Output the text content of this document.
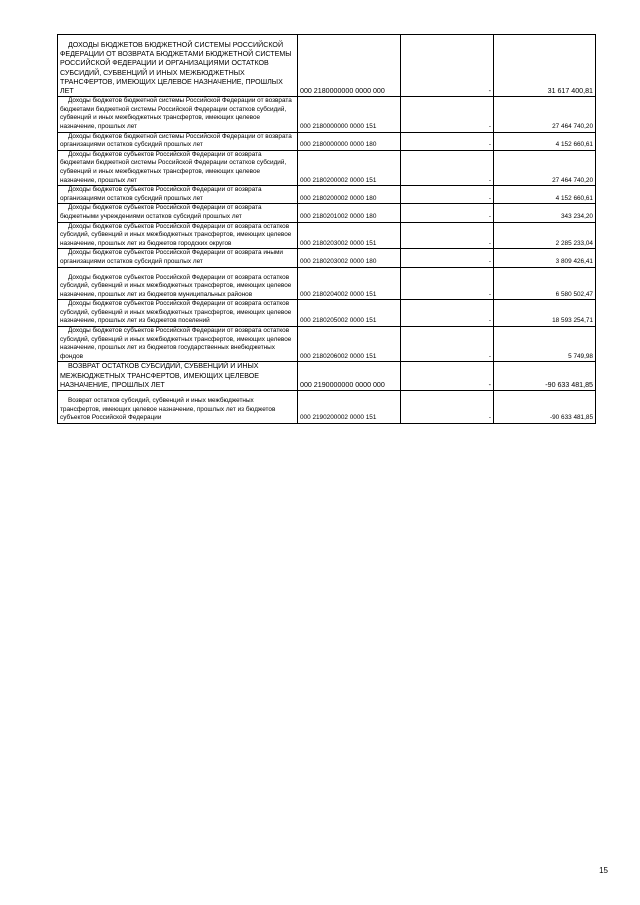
ДОХОДЫ БЮДЖЕТОВ БЮДЖЕТНОЙ СИСТЕМЫ РОССИЙСКОЙ ФЕДЕРАЦИИ ОТ ВОЗВРАТА БЮДЖЕТАМИ БЮДЖЕТНОЙ СИСТЕМЫ РОССИЙСКОЙ ФЕДЕРАЦИИ И ОРГАНИЗАЦИЯМИ ОСТАТКОВ СУБСИДИЙ, СУБВЕНЦИЙ И ИНЫХ МЕЖБЮДЖЕТНЫХ ТРАНСФЕРТОВ, ИМЕЮЩИХ ЦЕЛЕВОЕ НАЗНАЧЕНИЕ, ПРОШЛЫХ ЛЕТ	000 2180000000 0000 000	-	31 617 400,81
Доходы бюджетов бюджетной системы Российской Федерации от возврата бюджетами бюджетной системы Российской Федерации остатков субсидий, субвенций и иных межбюджетных трансфертов, имеющих целевое назначение, прошлых лет	000 2180000000 0000 151	-	27 464 740,20
Доходы бюджетов бюджетной системы Российской Федерации от возврата организациями остатков субсидий прошлых лет	000 2180000000 0000 180	-	4 152 660,61
Доходы бюджетов субъектов Российской Федерации от возврата бюджетами бюджетной системы Российской Федерации остатков субсидий, субвенций и иных межбюджетных трансфертов, имеющих целевое назначение, прошлых лет	000 2180200002 0000 151	-	27 464 740,20
Доходы бюджетов субъектов Российской Федерации от возврата организациями остатков субсидий прошлых лет	000 2180200002 0000 180	-	4 152 660,61
Доходы бюджетов субъектов Российской Федерации от возврата бюджетными учреждениями остатков субсидий прошлых лет	000 2180201002 0000 180	-	343 234,20
Доходы бюджетов субъектов Российской Федерации от возврата остатков субсидий, субвенций и иных межбюджетных трансфертов, имеющих целевое назначение, прошлых лет из бюджетов городских округов	000 2180203002 0000 151	-	2 285 233,04
Доходы бюджетов субъектов Российской Федерации от возврата иными организациями остатков субсидий прошлых лет	000 2180203002 0000 180	-	3 809 426,41
Доходы бюджетов субъектов Российской Федерации от возврата остатков субсидий, субвенций и иных межбюджетных трансфертов, имеющих целевое назначение, прошлых лет из бюджетов муниципальных районов	000 2180204002 0000 151	-	6 580 502,47
Доходы бюджетов субъектов Российской Федерации от возврата остатков субсидий, субвенций и иных межбюджетных трансфертов, имеющих целевое назначение, прошлых лет из бюджетов поселений	000 2180205002 0000 151	-	18 593 254,71
Доходы бюджетов субъектов Российской Федерации от возврата остатков субсидий, субвенций и иных межбюджетных трансфертов, имеющих целевое назначение, прошлых лет из бюджетов государственных внебюджетных фондов	000 2180206002 0000 151	-	5 749,98
ВОЗВРАТ ОСТАТКОВ СУБСИДИЙ, СУБВЕНЦИЙ И ИНЫХ МЕЖБЮДЖЕТНЫХ ТРАНСФЕРТОВ, ИМЕЮЩИХ ЦЕЛЕВОЕ НАЗНАЧЕНИЕ, ПРОШЛЫХ ЛЕТ	000 2190000000 0000 000	-	-90 633 481,85
Возврат остатков субсидий, субвенций и иных межбюджетных трансфертов, имеющих целевое назначение, прошлых лет из бюджетов субъектов Российской Федерации	000 2190200002 0000 151	-	-90 633 481,85
15
